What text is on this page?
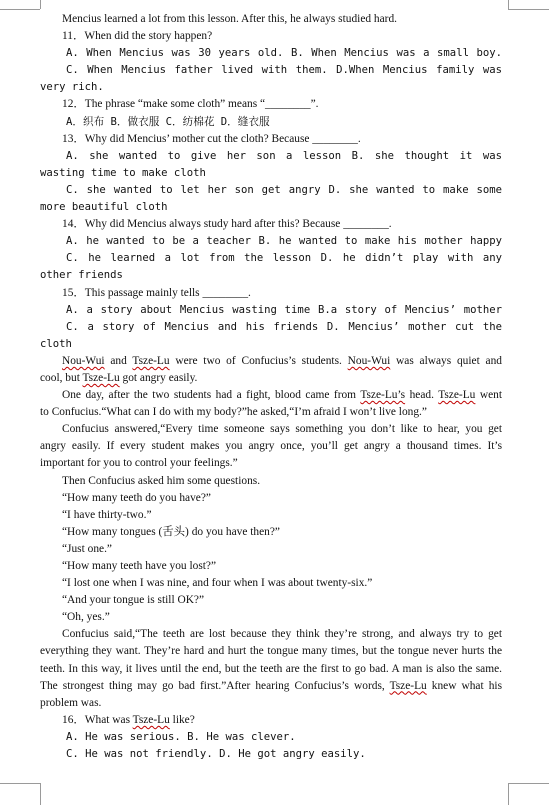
Mencius learned a lot from this lesson. After this, he always studied hard.
11．When did the story happen?
A. When Mencius was 30 years old. B. When Mencius was a small boy.
C. When Mencius father lived with them. D.When Mencius family was
very rich.
12．The phrase “make some cloth” means “________”.
A．织布 B．做衣服 C．纺棉花 D．缝衣服
13．Why did Mencius’ mother cut the cloth? Because ________.
A. she wanted to give her son a lesson B. she thought it was
wasting time to make cloth
C. she wanted to let her son get angry D. she wanted to make some
more beautiful cloth
14．Why did Mencius always study hard after this? Because ________.
A. he wanted to be a teacher B. he wanted to make his mother happy
C. he learned a lot from the lesson D. he didn’t play with any
other friends
15．This passage mainly tells ________.
A. a story about Mencius wasting time B.a story of Mencius’ mother
C. a story of Mencius and his friends D. Mencius’ mother cut the
cloth
Nou-Wui and Tsze-Lu were two of Confucius’s students. Nou-Wui was always quiet and
cool, but Tsze-Lu got angry easily.
One day, after the two students had a fight, blood came from Tsze-Lu’s head. Tsze-Lu went
to Confucius.“What can I do with my body?”he asked,“I’m afraid I won’t live long.”
Confucius answered,“Every time someone says something you don’t like to hear, you get
angry easily. If every student makes you angry once, you’ll get angry a thousand times. It’s
important for you to control your feelings.”
Then Confucius asked him some questions.
“How many teeth do you have?”
“I have thirty-two.”
“How many tongues (舌头) do you have then?”
“Just one.”
“How many teeth have you lost?”
“I lost one when I was nine, and four when I was about twenty-six.”
“And your tongue is still OK?”
“Oh, yes.”
Confucius said,“The teeth are lost because they think they’re strong, and always try to get
everything they want. They’re hard and hurt the tongue many times, but the tongue never hurts the
teeth. In this way, it lives until the end, but the teeth are the first to go bad. A man is also the same.
The strongest thing may go bad first.”After hearing Confucius’s words, Tsze-Lu knew what his
problem was.
16．What was Tsze-Lu like?
A. He was serious. B. He was clever.
C. He was not friendly. D. He got angry easily.
